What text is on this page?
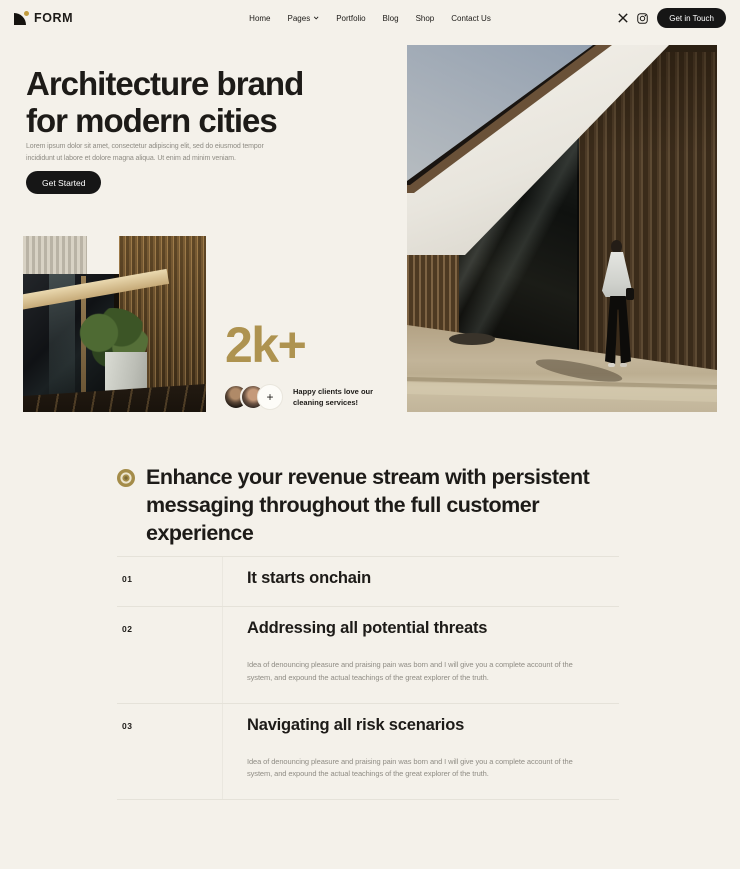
FORM	Home Pages	Portfolio Blog Shop Contact Us	Get in Touch
Architecture brand
for modern cities

Lorem ipsum dolor sit amet, consectetur adipiscing elit, sed do eiusmod tempor incididunt ut labore et dolore magna aliqua. Ut enim ad minim veniam.

Get Started
2k+
+	Happy clients love our cleaning services!
Enhance your revenue stream with persistent messaging throughout the full customer experience
01	It starts onchain
02	Addressing all potential threats
Idea of denouncing pleasure and praising pain was born and I will give you a complete account of the system, and expound the actual teachings of the great explorer of the truth.
03	Navigating all risk scenarios
Idea of denouncing pleasure and praising pain was born and I will give you a complete account of the system, and expound the actual teachings of the great explorer of the truth.
